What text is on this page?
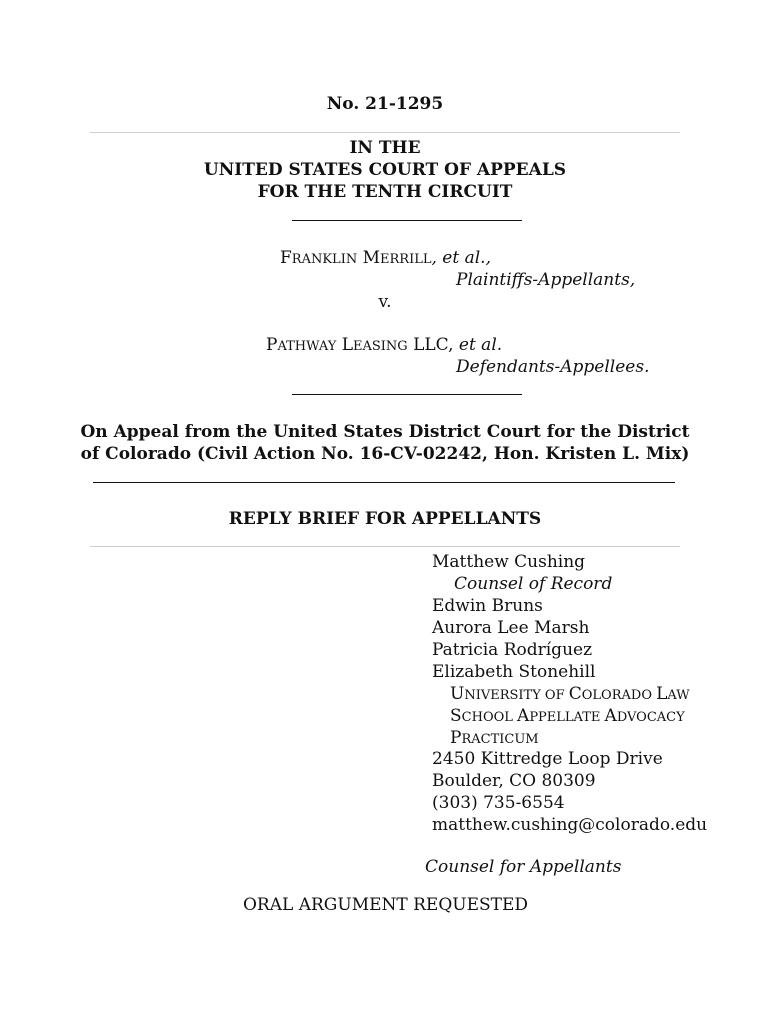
No. 21-1295
IN THE
UNITED STATES COURT OF APPEALS
FOR THE TENTH CIRCUIT
FRANKLIN MERRILL, et al.,
Plaintiffs-Appellants,
v.
PATHWAY LEASING LLC, et al.
Defendants-Appellees.
On Appeal from the United States District Court for the District
of Colorado (Civil Action No. 16-CV-02242, Hon. Kristen L. Mix)
REPLY BRIEF FOR APPELLANTS
Matthew Cushing
Counsel of Record
Edwin Bruns
Aurora Lee Marsh
Patricia Rodríguez
Elizabeth Stonehill
UNIVERSITY OF COLORADO LAW
SCHOOL APPELLATE ADVOCACY
PRACTICUM
2450 Kittredge Loop Drive
Boulder, CO 80309
(303) 735-6554
matthew.cushing@colorado.edu
Counsel for Appellants
ORAL ARGUMENT REQUESTED
